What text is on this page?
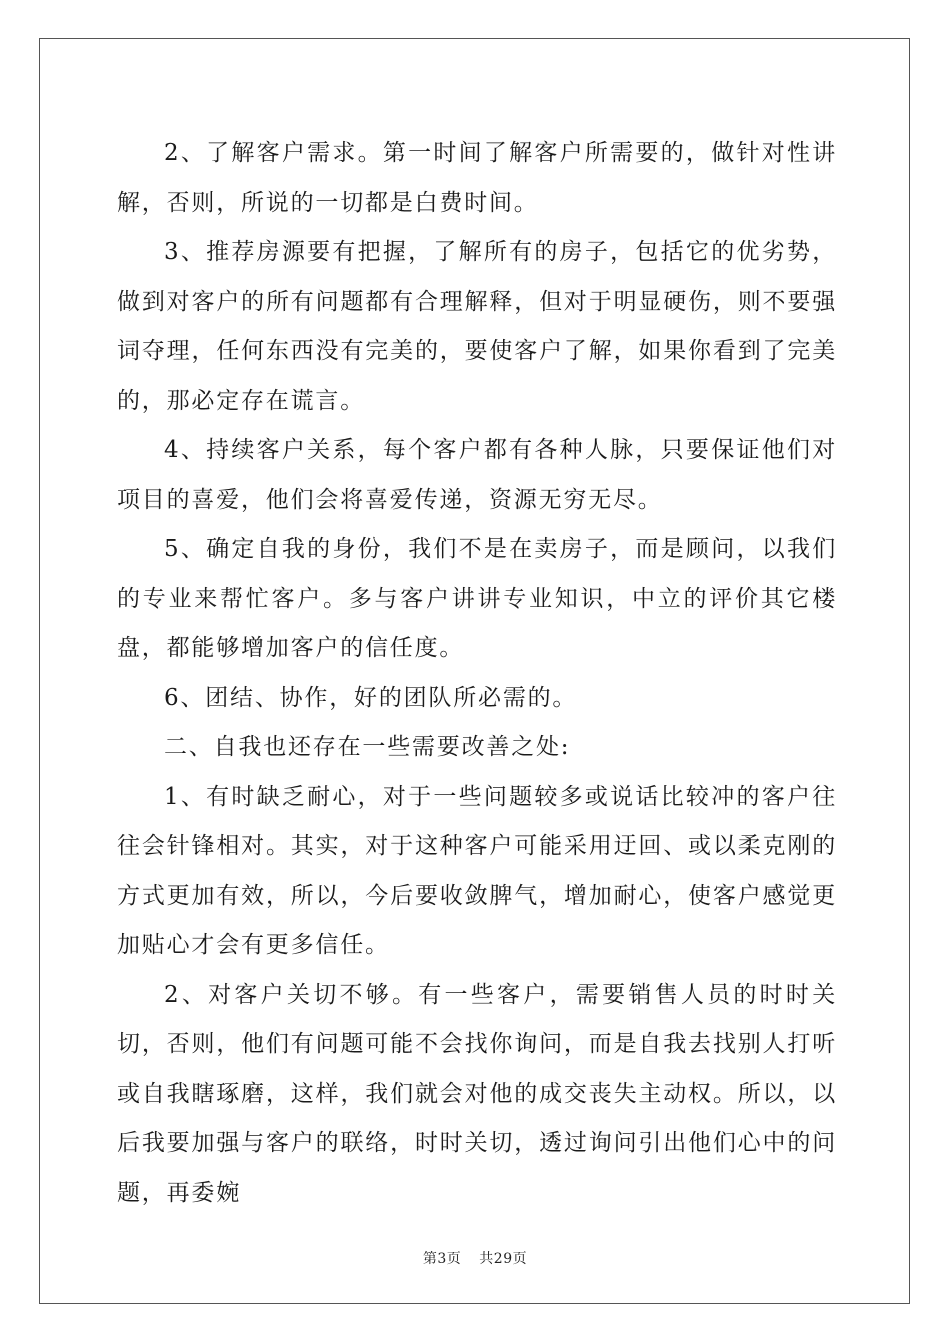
2、了解客户需求。第一时间了解客户所需要的，做针对性讲解，否则，所说的一切都是白费时间。

3、推荐房源要有把握，了解所有的房子，包括它的优劣势，做到对客户的所有问题都有合理解释，但对于明显硬伤，则不要强词夺理，任何东西没有完美的，要使客户了解，如果你看到了完美的，那必定存在谎言。

4、持续客户关系，每个客户都有各种人脉，只要保证他们对项目的喜爱，他们会将喜爱传递，资源无穷无尽。

5、确定自我的身份，我们不是在卖房子，而是顾问，以我们的专业来帮忙客户。多与客户讲讲专业知识，中立的评价其它楼盘，都能够增加客户的信任度。

6、团结、协作，好的团队所必需的。

二、自我也还存在一些需要改善之处:

1、有时缺乏耐心，对于一些问题较多或说话比较冲的客户往往会针锋相对。其实，对于这种客户可能采用迂回、或以柔克刚的方式更加有效，所以，今后要收敛脾气，增加耐心，使客户感觉更加贴心才会有更多信任。

2、对客户关切不够。有一些客户，需要销售人员的时时关切，否则，他们有问题可能不会找你询问，而是自我去找别人打听或自我瞎琢磨，这样，我们就会对他的成交丧失主动权。所以，以后我要加强与客户的联络，时时关切，透过询问引出他们心中的问题，再委婉

第3页 共29页
